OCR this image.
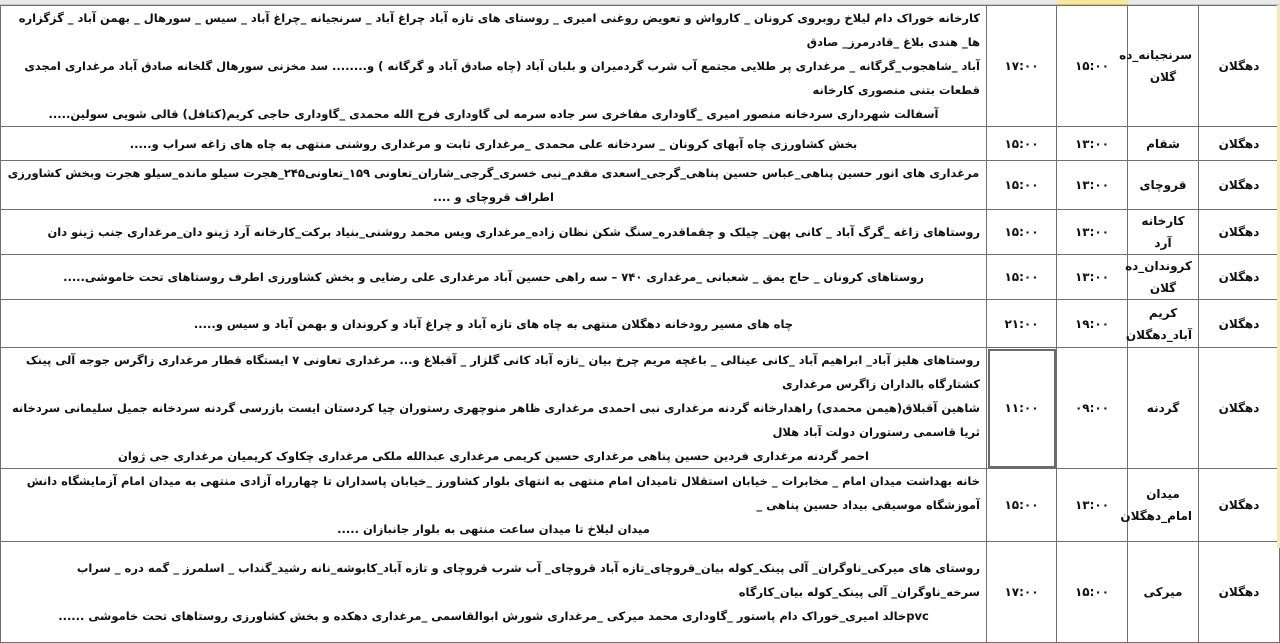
دهگلان	سرنجیانه_ده گلان	۱۵:۰۰	۱۷:۰۰	کارخانه خوراک دام لیلاخ روبروی کرونان _ کارواش و تعویض روغنی امیری _ روستای های تازه آباد چراغ آباد _ سرنجیانه _چراغ آباد _ سیس _ سورهال _ بهمن آباد _ گزگزاره ها_ هندی بلاغ _قادرمرز_ صادق
آباد _شاهجوب_گرگانه _ مرغداری پر طلایی مجتمع آب شرب گردمیران و بلبان آباد (چاه صادق آباد و گرگانه ) و........ سد مخزنی سورهال گلخانه صادق آباد مرغداری امجدی قطعات بتنی منصوری کارخانه
آسفالت شهرداری سردخانه منصور امیری _گاوداری مفاخری سر جاده سرمه لی گاوداری فرج الله محمدی _گاوداری حاجی کریم(کتافل) قالی شویی سولین.....

دهگلان	شقام	۱۳:۰۰	۱۵:۰۰	بخش کشاورزی چاه آبهای کرونان _ سردخانه علی محمدی _مرغداری ثابت و مرغداری روشنی منتهی به چاه های زاغه سراب و.....

دهگلان	قروچای	۱۳:۰۰	۱۵:۰۰	مرغداری های انور حسین پناهی_عباس حسین پناهی_گرجی_اسعدی مقدم_نبی خسری_گرجی_شاران_تعاونی ۱۵۹_تعاونی۲۴۵_هجرت سیلو مانده_سیلو هجرت وبخش کشاورزی اطراف قروچای و ....

دهگلان	کارخانه آرد	۱۳:۰۰	۱۵:۰۰	روستاهای زاغه _گرگ آباد _ کانی پهن_ چیلک و چقماقدره_سنگ شکن نظان زاده_مرغداری ویس محمد روشنی_بنیاد برکت_کارخانه آرد ژینو دان_مرغداری جنب ژینو دان

دهگلان	کروندان_ده گلان	۱۳:۰۰	۱۵:۰۰	روستاهای کرونان _ حاج یمق _ شعبانی _مرغداری ۷۴۰ – سه راهی حسین آباد مرغداری علی رضایی و بخش کشاورزی اطرف روستاهای تحت خاموشی.....

دهگلان	کریم آباد_دهگلان	۱۹:۰۰	۲۱:۰۰	چاه های مسیر رودخانه دهگلان منتهی به چاه های تازه آباد و چراغ آباد و کروندان و بهمن آباد و سیس و.....

دهگلان	گردنه	۰۹:۰۰	۱۱:۰۰	روستاهای هلیز آباد_ ابراهیم آباد _کانی عینالی _ باغچه مریم چرخ بیان _تازه آباد کانی گلزار _ آقبلاغ و... مرغداری تعاونی ۷ ایستگاه قطار مرغداری زاگرس جوجه آلی پینک کشتارگاه بالداران زاگرس مرغداری
شاهین آقبلاق(هیمن محمدی) راهدارخانه گردنه مرغداری نبی احمدی مرغداری ظاهر منوچهری رستوران چیا کردستان ایست بازرسی گردنه سردخانه جمیل سلیمانی سردخانه ثریا قاسمی رستوران دولت آباد هلال
احمر گردنه مرغداری فردین حسین پناهی مرغداری حسین کریمی مرغداری عبدالله ملکی مرغداری چکاوک کریمیان مرغداری جی ژوان

دهگلان	میدان امام_دهگلان	۱۳:۰۰	۱۵:۰۰	خانه بهداشت میدان امام _ مخابرات _ خیابان استقلال تامیدان امام منتهی به انتهای بلوار کشاورز _خیابان پاسداران تا چهارراه آزادی منتهی به میدان امام آزمایشگاه دانش آموزشگاه موسیقی بیداد حسین پناهی _
میدان لیلاخ تا میدان ساعت منتهی به بلوار جانبازان .....

دهگلان	میرکی	۱۵:۰۰	۱۷:۰۰	روستای های میرکی_ناوگران_ آلی پینک_کوله بیان_قروچای_تازه آباد قروچای_ آب شرب قروچای و تازه آباد_کابوشه_نانه رشید_گنداب _ اسلمرز _ گمه دره _ سراب سرخه_ناوگران_ آلی پینک_کوله بیان_کارگاه
pvcخالد امیری_خوراک دام پاستور _گاوداری محمد میرکی _مرغداری شورش ابوالقاسمی _مرغداری دهکده و بخش کشاورزی روستاهای تحت خاموشی ......
